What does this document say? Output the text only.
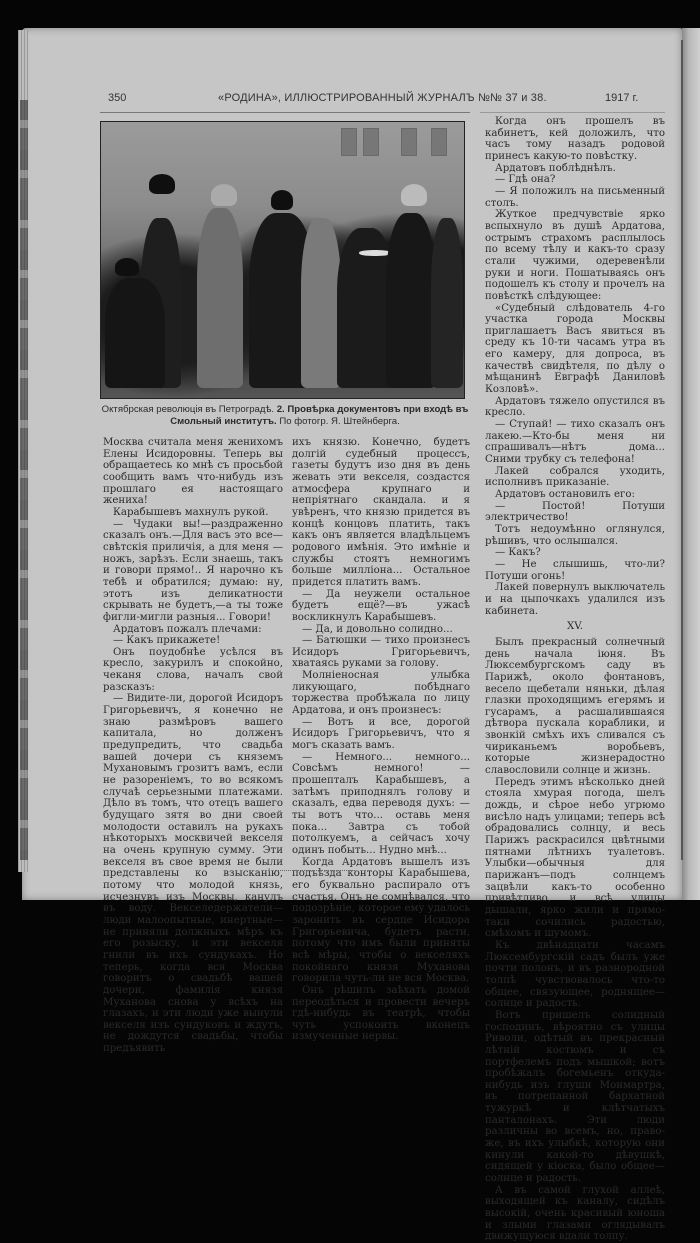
350	«РОДИНА», ИЛЛЮСТРИРОВАННЫЙ ЖУРНАЛЪ №№ 37 и 38.	1917 г.
Октябрская революція въ Петроградѣ. 2. Провѣрка документовъ при входѣ въ Смольный институтъ. По фотогр. Я. Штейнберга.

Москва считала меня женихомъ Елены Исидоровны. Теперь вы обращаетесь ко мнѣ съ просьбой сообщить вамъ что-нибудь изъ прошлаго ея настоящаго жениха!

Карабышевъ махнулъ рукой.

— Чудаки вы!—раздраженно сказалъ онъ.—Для васъ это все—свѣтскія приличія, а для меня — ножъ, зарѣзъ. Если знаешь, такъ и говори прямо!.. Я нарочно къ тебѣ и обратился; думаю: ну, этотъ изъ деликатности скрывать не будетъ,—а ты тоже фигли-мигли разныя... Говори!

Ардатовъ пожалъ плечами:

— Какъ прикажете!

Онъ поудобнѣе усѣлся въ кресло, закурилъ и спокойно, чеканя слова, началъ свой разсказъ:

— Видите-ли, дорогой Исидоръ Григорьевичъ, я конечно не знаю размѣровъ вашего капитала, но долженъ предупредить, что свадьба вашей дочери съ княземъ Мухановымъ грозитъ вамъ, если не разореніемъ, то во всякомъ случаѣ серьезными платежами. Дѣло въ томъ, что отецъ вашего будущаго зятя во дни своей молодости оставилъ на рукахъ нѣкоторыхъ москвичей векселя на очень крупную сумму. Эти векселя въ свое время не были представлены ко взысканію, потому что молодой князь, исчезнувъ изъ Москвы, канулъ въ воду. Векселедержатели—люди малоопытные, инертные—не приняли должныхъ мѣръ къ его розыску, и эти векселя гнили въ ихъ сундукахъ. Но теперь, когда вся Москва говоритъ о свадьбѣ вашей дочери, фамилія князя Муханова снова у всѣхъ на глазахъ, и эти люди уже вынули векселя изъ сундуковъ и ждутъ, не дождутся свадьбы, чтобы предъявить

ихъ князю. Конечно, будетъ долгій судебный процессъ, газеты будутъ изо дня въ день жевать эти векселя, создастся атмосфера крупнаго и непріятнаго скандала. и я увѣренъ, что князю придется въ концѣ концовъ платить, такъ какъ онъ является владѣльцемъ родового имѣнія. Это имѣніе и службы стоятъ немногимъ больше милліона... Остальное придется платить вамъ.

— Да неужели остальное будетъ ещё?—въ ужасѣ воскликнулъ Карабышевъ.

— Да, и довольно солидно...

— Батюшки — тихо произнесъ Исидоръ Григорьевичъ, хватаясь руками за голову.

Молніеносная улыбка ликующаго, побѣднаго торжества пробѣжала по лицу Ардатова, и онъ произнесъ:

— Вотъ и все, дорогой Исидоръ Григорьевичъ, что я могъ сказать вамъ.

— Немного... немного... Совсѣмъ немного! — прошепталъ Карабышевъ, а затѣмъ приподнялъ голову и сказалъ, едва переводя духъ: — ты вотъ что... оставь меня пока... Завтра съ тобой потолкуемъ, а сейчасъ хочу одинъ побыть... Нудно мнѣ...

Когда Ардатовъ вышелъ изъ подъѣзда конторы Карабышева, его буквально распирало отъ счастья. Онъ не сомнѣвался, что подозрѣніе, которое ему удалось заронить въ сердце Исидора Григорьевича, будетъ расти, потому что имъ были приняты всѣ мѣры, чтобы о векселяхъ покойнаго князя Муханова говорила чуть-ли не вся Москва.

Онъ рѣшилъ заѣхать домой переодѣться и провести вечеръ гдѣ-нибудь въ театрѣ, чтобы чуть успокоить вконецъ измученные нервы.

Когда онъ прошелъ въ кабинетъ, кей доложилъ, что часъ тому назадъ родовой принесъ какую-то повѣстку.

Ардатовъ поблѣднѣлъ.

— Гдѣ она?

— Я положилъ на письменный столъ.

Жуткое предчувствіе ярко вспыхнуло въ душѣ Ардатова, острымъ страхомъ расплылось по всему тѣлу и какъ-то сразу стали чужими, одеревенѣли руки и ноги. Пошатываясь онъ подошелъ къ столу и прочелъ на повѣсткѣ слѣдующее:

«Судебный слѣдователь 4-го участка города Москвы приглашаетъ Васъ явиться въ среду къ 10-ти часамъ утра въ его камеру, для допроса, въ качествѣ свидѣтеля, по дѣлу о мѣщанинѣ Евграфѣ Даниловѣ Козловѣ».

Ардатовъ тяжело опустился въ кресло.

— Ступай! — тихо сказалъ онъ лакею.—Кто-бы меня ни спрашивалъ—нѣтъ дома... Сними трубку съ телефона!

Лакей собрался уходить, исполнивъ приказаніе.

Ардатовъ остановилъ его:

— Постой! Потуши электричество!

Тотъ недоумѣнно оглянулся, рѣшивъ, что ослышался.

— Какъ?

— Не слышишь, что-ли? Потуши огонь!

Лакей повернулъ выключатель и на цыпочкахъ удалился изъ кабинета.

XV.

Былъ прекрасный солнечный день начала іюня. Въ Люксембургскомъ саду въ Парижѣ, около фонтановъ, весело щебетали няньки, дѣлая глазки проходящимъ егерямъ и гусарамъ, а расшалившаяся дѣтвора пускала кораблики, и звонкій смѣхъ ихъ сливался съ чириканьемъ воробьевъ, которые жизнерадостно славословили солнце и жизнь.

Передъ этимъ нѣсколько дней стояла хмурая погода, шелъ дождь, и сѣрое небо угрюмо висѣло надъ улицами; теперь всѣ обрадовались солнцу, и весь Парижъ раскрасился цвѣтными пятнами лѣтнихъ туалетовъ. Улыбки—обычныя для парижанъ—подъ солнцемъ зацвѣли какъ-то особенно привѣтливо, и всѣ улицы дышали, ярко жили и прямо-таки сочились радостью, смѣхомъ и шумомъ.

Къ двѣнадцати часамъ Люксембургскій садъ былъ уже почти полонъ, и въ разнородной толпѣ чувствовалось что-то общее, связующее, роднящее—солнце и радость.

Вотъ пришелъ солидный господинъ, вѣроятно съ улицы Риволи, одѣтый въ прекрасный лѣтній костюмъ и съ портфелемъ подъ мышкой; вотъ пробѣжалъ богемьенъ откуда-нибудь изъ глуши Монмартра, въ потрепанной бархатной тужуркѣ и клѣтчатыхъ панталонахъ. Эти люди различны во всемъ, но, право-же, въ ихъ улыбкѣ, которую они кинули какой-то дѣвушкѣ, сидящей у кіоска, было общее—солнце и радость.

А въ самой глухой аллеѣ, выходящей къ каналу, сидѣлъ высокій, очень красивый юноша и злыми глазами оглядывалъ движущуюся вдали толпу.
